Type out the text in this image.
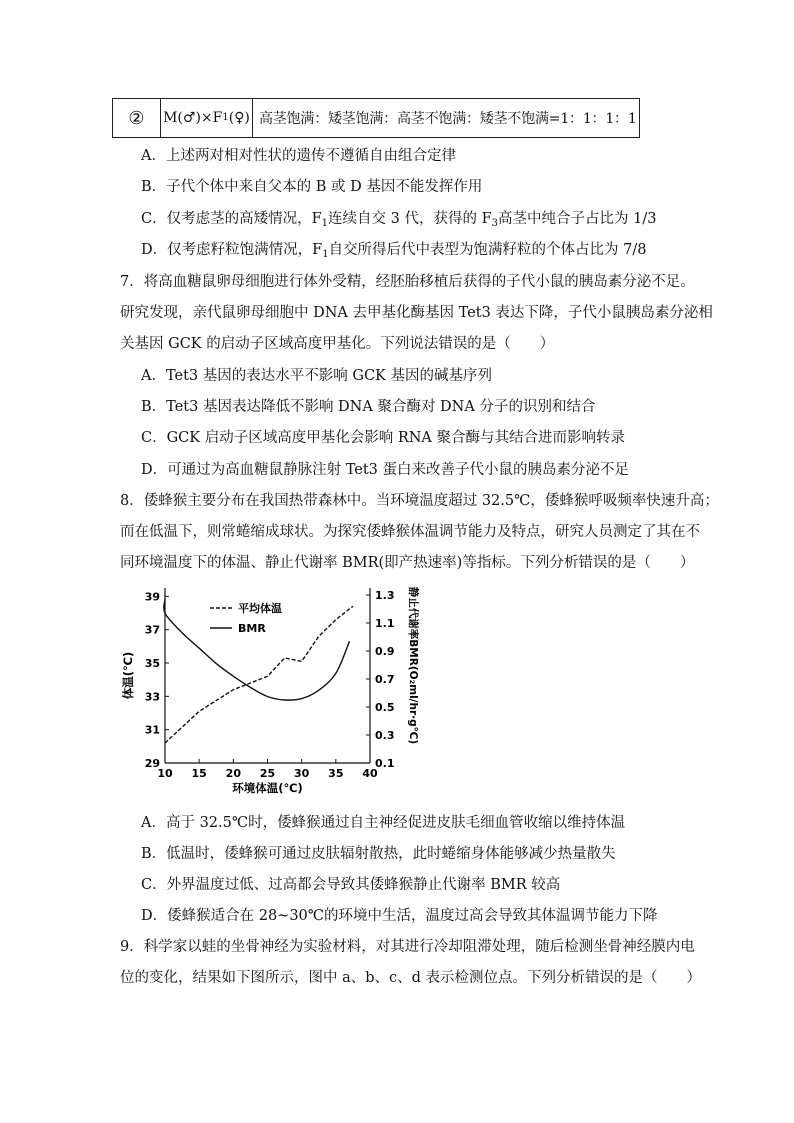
② M(♂)×F 1 (♀) 高茎饱满：矮茎饱满：高茎不饱满：矮茎不饱满=1：1：1：1
A．上述两对相对性状的遗传不遵循自由组合定律
B．子代个体中来自父本的 B 或 D 基因不能发挥作用
C．仅考虑茎的高矮情况，$F_1$连续自交 3 代，获得的 $F_3$高茎中纯合子占比为 1/3
D．仅考虑籽粒饱满情况，$F_1$自交所得后代中表型为饱满籽粒的个体占比为 7/8
7．将高血糖鼠卵母细胞进行体外受精，经胚胎移植后获得的子代小鼠的胰岛素分泌不足。
研究发现，亲代鼠卵母细胞中 DNA 去甲基化酶基因 Tet3 表达下降，子代小鼠胰岛素分泌相
关基因 GCK 的启动子区域高度甲基化。下列说法错误的是（　　）
A．Tet3 基因的表达水平不影响 GCK 基因的碱基序列
B．Tet3 基因表达降低不影响 DNA 聚合酶对 DNA 分子的识别和结合
C．GCK 启动子区域高度甲基化会影响 RNA 聚合酶与其结合进而影响转录
D．可通过为高血糖鼠静脉注射 Tet3 蛋白来改善子代小鼠的胰岛素分泌不足
8．倭蜂猴主要分布在我国热带森林中。当环境温度超过 32.5℃，倭蜂猴呼吸频率快速升高；
而在低温下，则常蜷缩成球状。为探究倭蜂猴体温调节能力及特点，研究人员测定了其在不
同环境温度下的体温、静止代谢率 BMR(即产热速率)等指标。下列分析错误的是（　　）
10 15 20 25 30 35 40
29
31
33
35
37
39
0.1
0.3
0.5
0.7
0.9
1.1
1.3
环境体温(℃)
体温(℃)	静止代谢率BMR(O₂ml/hr·g℃)
平均体温
BMR
A．高于 32.5℃时，倭蜂猴通过自主神经促进皮肤毛细血管收缩以维持体温
B．低温时，倭蜂猴可通过皮肤辐射散热，此时蜷缩身体能够减少热量散失
C．外界温度过低、过高都会导致其倭蜂猴静止代谢率 BMR 较高
D．倭蜂猴适合在 28~30℃的环境中生活，温度过高会导致其体温调节能力下降
9．科学家以蛙的坐骨神经为实验材料，对其进行冷却阻滞处理，随后检测坐骨神经膜内电
位的变化，结果如下图所示，图中 a、b、c、d 表示检测位点。下列分析错误的是（　　）
